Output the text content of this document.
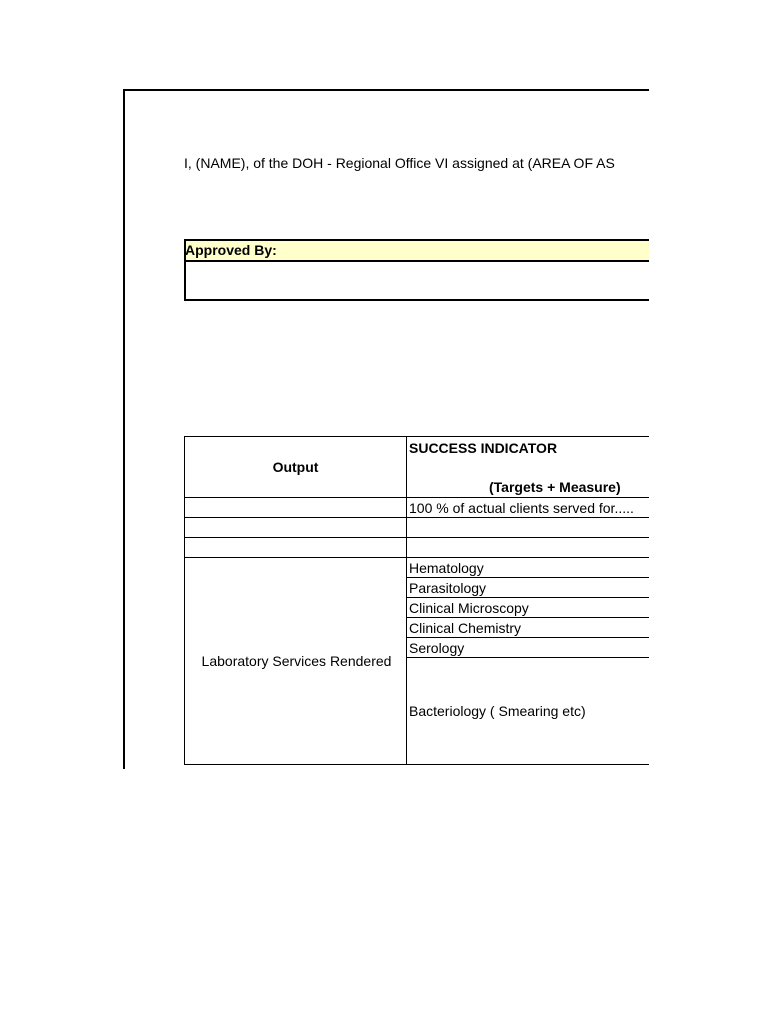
I, (NAME), of the DOH - Regional Office VI assigned at (AREA OF AS
Approved By:
Output	SUCCESS INDICATOR
(Targets + Measure)

	100 % of actual clients served for.....

Laboratory Services Rendered	Hematology
	Parasitology
	Clinical Microscopy
	Clinical Chemistry
	Serology
	Bacteriology ( Smearing etc)
